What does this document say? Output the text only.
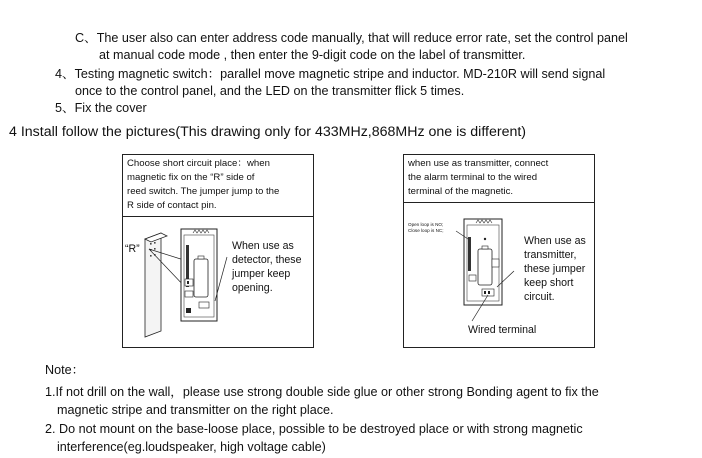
C、The user also can enter address code manually, that will reduce error rate, set the control panel
at manual code mode , then enter the 9-digit code on the label of transmitter.
4、Testing magnetic switch：parallel move magnetic stripe and inductor. MD-210R will send signal
once to the control panel, and the LED on the transmitter flick 5 times.
5、Fix the cover
4 Install follow the pictures(This drawing only for 433MHz,868MHz one is different)
Choose short circuit place：when
magnetic fix on the “R” side of
reed switch. The jumper jump to the
R side of contact pin.
“R”	When use as
detector, these
jumper keep
opening.
when use as transmitter, connect
the alarm terminal to the wired
terminal of the magnetic.
Open loop is NO;
Close loop is NC;
When use as
transmitter,
these jumper
keep short
circuit.
Wired terminal
Note：
1.If not drill on the wall，please use strong double side glue or other strong Bonding agent to fix the
magnetic stripe and transmitter on the right place.
2. Do not mount on the base-loose place, possible to be destroyed place or with strong magnetic
interference(eg.loudspeaker, high voltage cable)
